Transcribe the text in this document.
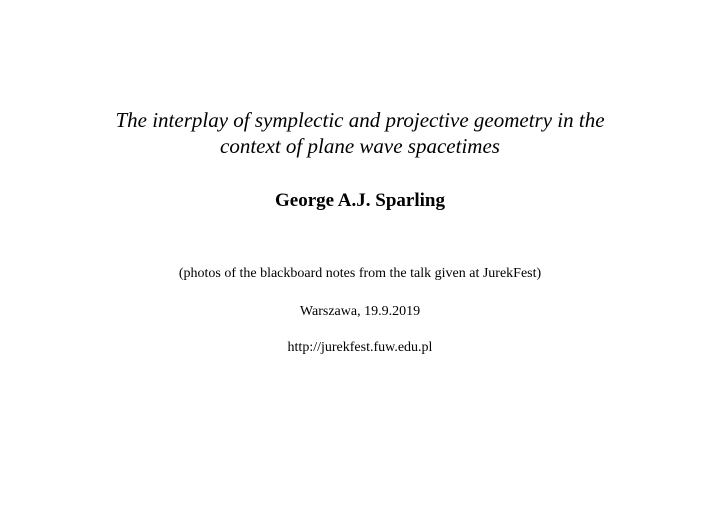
The interplay of symplectic and projective geometry in the
context of plane wave spacetimes

George A.J. Sparling

(photos of the blackboard notes from the talk given at JurekFest)

Warszawa, 19.9.2019

http://jurekfest.fuw.edu.pl
